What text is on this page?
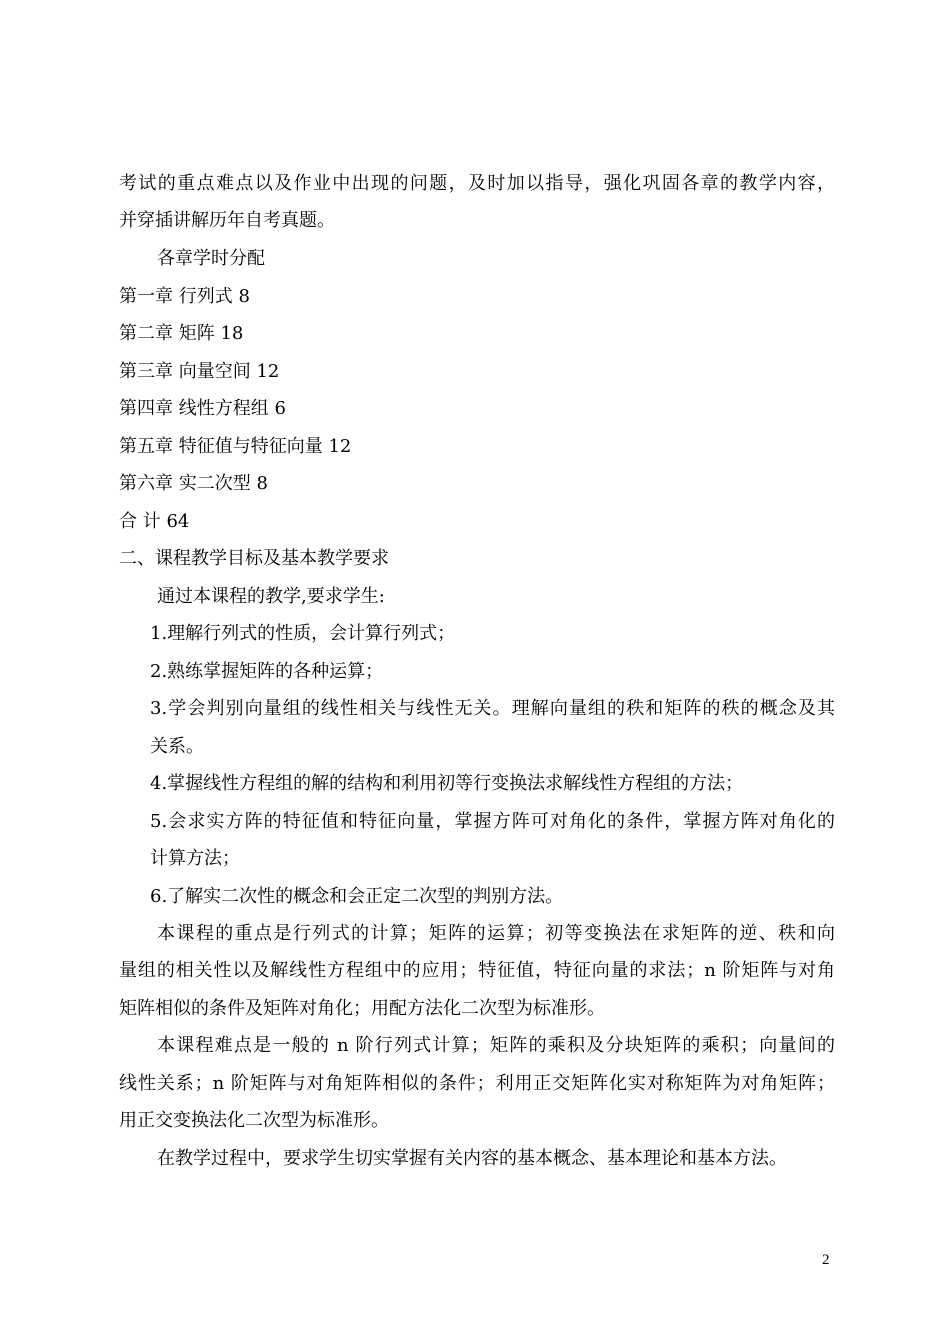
考试的重点难点以及作业中出现的问题，及时加以指导，强化巩固各章的教学内容，
并穿插讲解历年自考真题。
各章学时分配
第一章 行列式 8
第二章 矩阵 18
第三章 向量空间 12
第四章 线性方程组 6
第五章 特征值与特征向量 12
第六章 实二次型 8
合 计 64
二、课程教学目标及基本教学要求
通过本课程的教学,要求学生:
1.理解行列式的性质，会计算行列式；
2.熟练掌握矩阵的各种运算；
3.学会判别向量组的线性相关与线性无关。理解向量组的秩和矩阵的秩的概念及其
关系。
4.掌握线性方程组的解的结构和利用初等行变换法求解线性方程组的方法；
5.会求实方阵的特征值和特征向量，掌握方阵可对角化的条件，掌握方阵对角化的
计算方法；
6.了解实二次性的概念和会正定二次型的判别方法。
本课程的重点是行列式的计算；矩阵的运算；初等变换法在求矩阵的逆、秩和向
量组的相关性以及解线性方程组中的应用；特征值，特征向量的求法；n 阶矩阵与对角
矩阵相似的条件及矩阵对角化；用配方法化二次型为标准形。
本课程难点是一般的 n 阶行列式计算；矩阵的乘积及分块矩阵的乘积；向量间的
线性关系；n 阶矩阵与对角矩阵相似的条件；利用正交矩阵化实对称矩阵为对角矩阵；
用正交变换法化二次型为标准形。
在教学过程中，要求学生切实掌握有关内容的基本概念、基本理论和基本方法。
2
